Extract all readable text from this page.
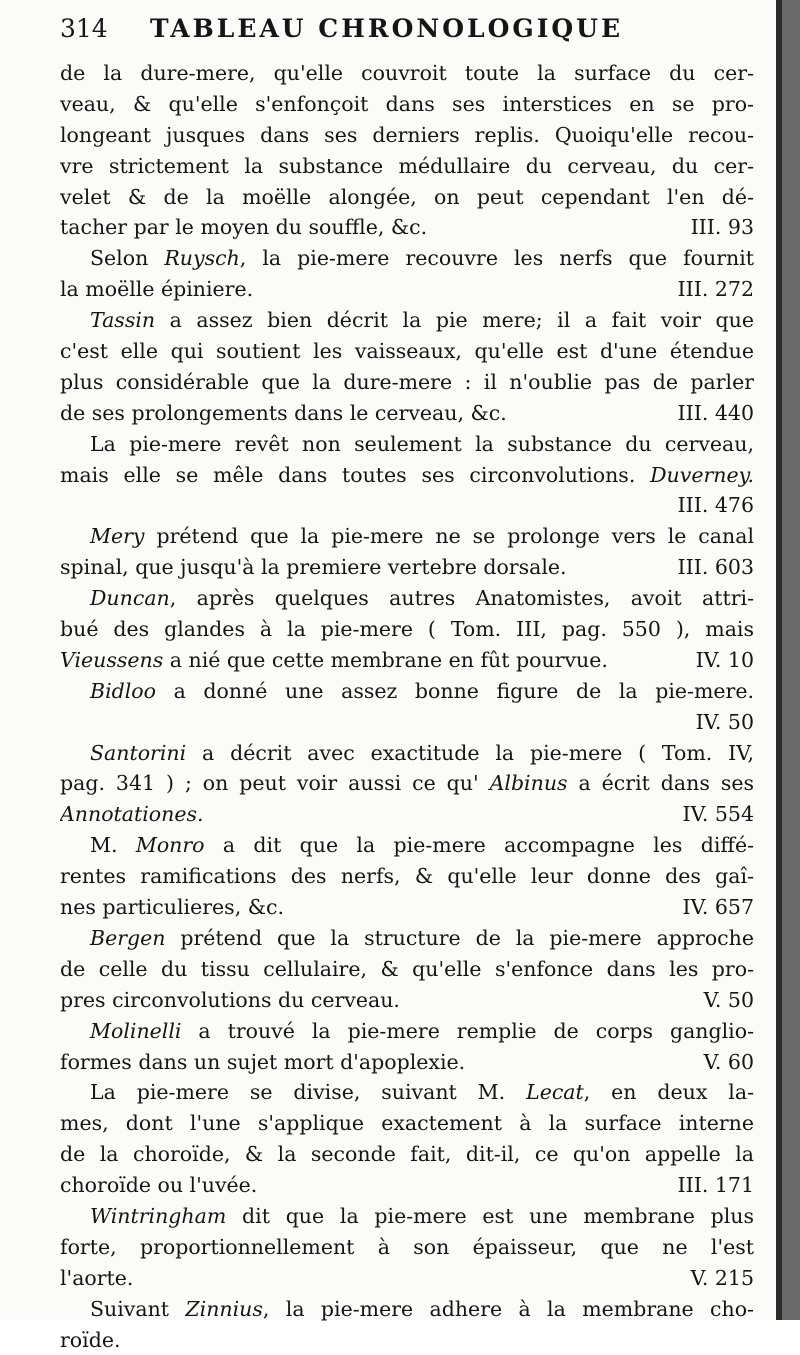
314	TABLEAU CHRONOLOGIQUE
de la dure-mere, qu'elle couvroit toute la surface du cer-
veau, & qu'elle s'enfonçoit dans ses interstices en se pro-
longeant jusques dans ses derniers replis. Quoiqu'elle recou-
vre strictement la substance médullaire du cerveau, du cer-
velet & de la moëlle alongée, on peut cependant l'en dé-
tacher par le moyen du souffle, &c.	III. 93
Selon Ruysch, la pie-mere recouvre les nerfs que fournit
la moëlle épiniere.	III. 272
Tassin a assez bien décrit la pie mere; il a fait voir que
c'est elle qui soutient les vaisseaux, qu'elle est d'une étendue
plus considérable que la dure-mere : il n'oublie pas de parler
de ses prolongements dans le cerveau, &c.	III. 440
La pie-mere revêt non seulement la substance du cerveau,
mais elle se mêle dans toutes ses circonvolutions. Duverney.
III. 476
Mery prétend que la pie-mere ne se prolonge vers le canal
spinal, que jusqu'à la premiere vertebre dorsale.	III. 603
Duncan, après quelques autres Anatomistes, avoit attri-
bué des glandes à la pie-mere ( Tom. III, pag. 550 ), mais
Vieussens a nié que cette membrane en fût pourvue.	IV. 10
Bidloo a donné une assez bonne figure de la pie-mere.
IV. 50
Santorini a décrit avec exactitude la pie-mere ( Tom. IV,
pag. 341 ) ; on peut voir aussi ce qu' Albinus a écrit dans ses
Annotationes.	IV. 554
M. Monro a dit que la pie-mere accompagne les diffé-
rentes ramifications des nerfs, & qu'elle leur donne des gaî-
nes particulieres, &c.	IV. 657
Bergen prétend que la structure de la pie-mere approche
de celle du tissu cellulaire, & qu'elle s'enfonce dans les pro-
pres circonvolutions du cerveau.	V. 50
Molinelli a trouvé la pie-mere remplie de corps ganglio-
formes dans un sujet mort d'apoplexie.	V. 60
La pie-mere se divise, suivant M. Lecat, en deux la-
mes, dont l'une s'applique exactement à la surface interne
de la choroïde, & la seconde fait, dit-il, ce qu'on appelle la
choroïde ou l'uvée.	III. 171
Wintringham dit que la pie-mere est une membrane plus
forte, proportionnellement à son épaisseur, que ne l'est
l'aorte.	V. 215
Suivant Zinnius, la pie-mere adhere à la membrane cho-
roïde.
